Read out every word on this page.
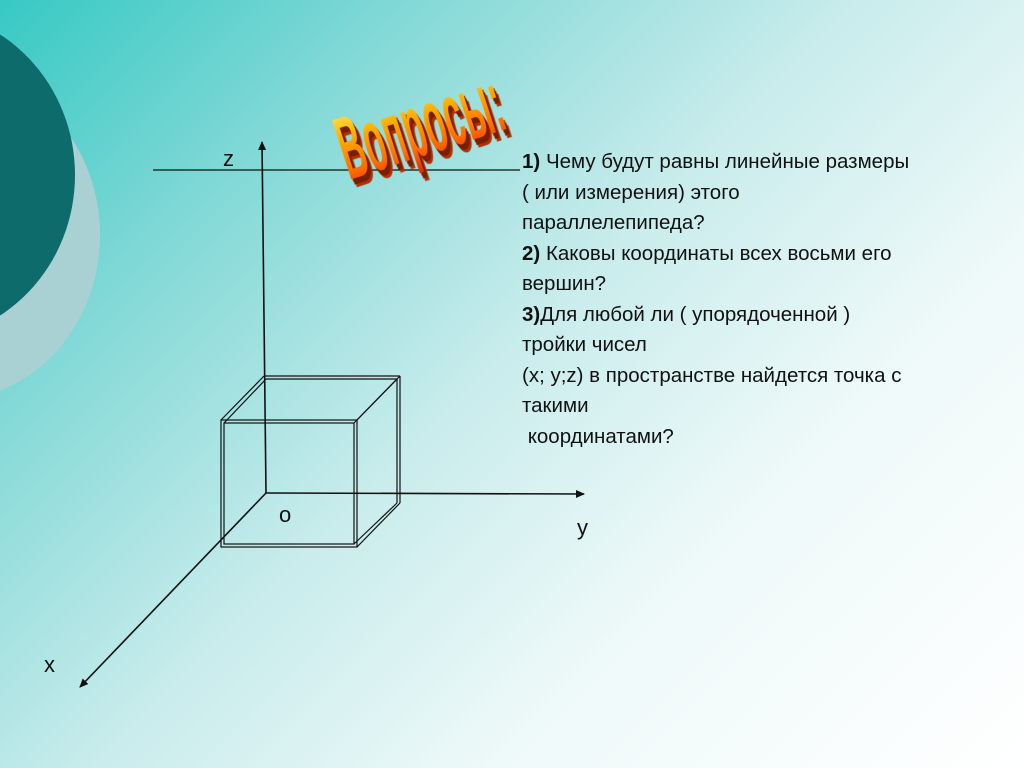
z
y
x
o
Вопросы: 1) Чему будут равны линейные размеры

( или измерения) этого

параллелепипеда?

2) Каковы координаты всех восьми его

вершин?

3)Для любой ли ( упорядоченной )

тройки чисел

(x; y;z) в пространстве найдется точка с

такими

координатами?
